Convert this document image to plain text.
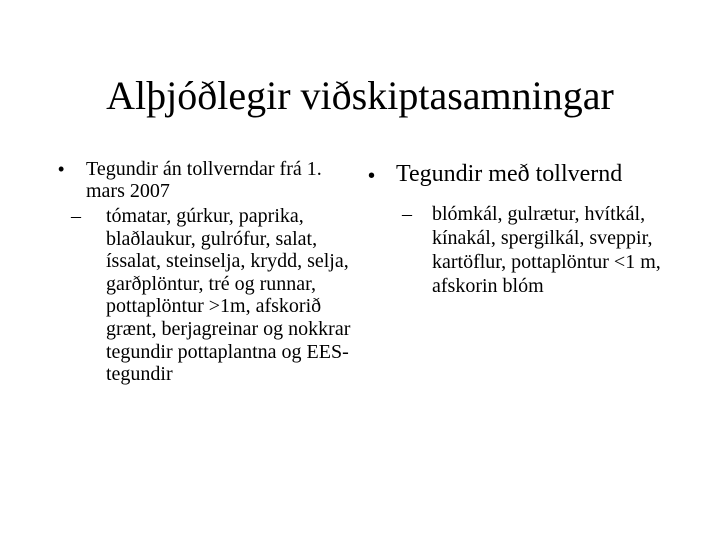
Alþjóðlegir viðskiptasamningar
• Tegundir án tollverndar frá 1. mars 2007
– tómatar, gúrkur, paprika, blaðlaukur, gulrófur, salat, íssalat, steinselja, krydd, selja, garðplöntur, tré og runnar, pottaplöntur >1m, afskorið grænt, berjagreinar og nokkrar tegundir pottaplantna og EES-tegundir
• Tegundir með tollvernd
– blómkál, gulrætur, hvítkál, kínakál, spergilkál, sveppir, kartöflur, pottaplöntur <1 m, afskorin blóm
